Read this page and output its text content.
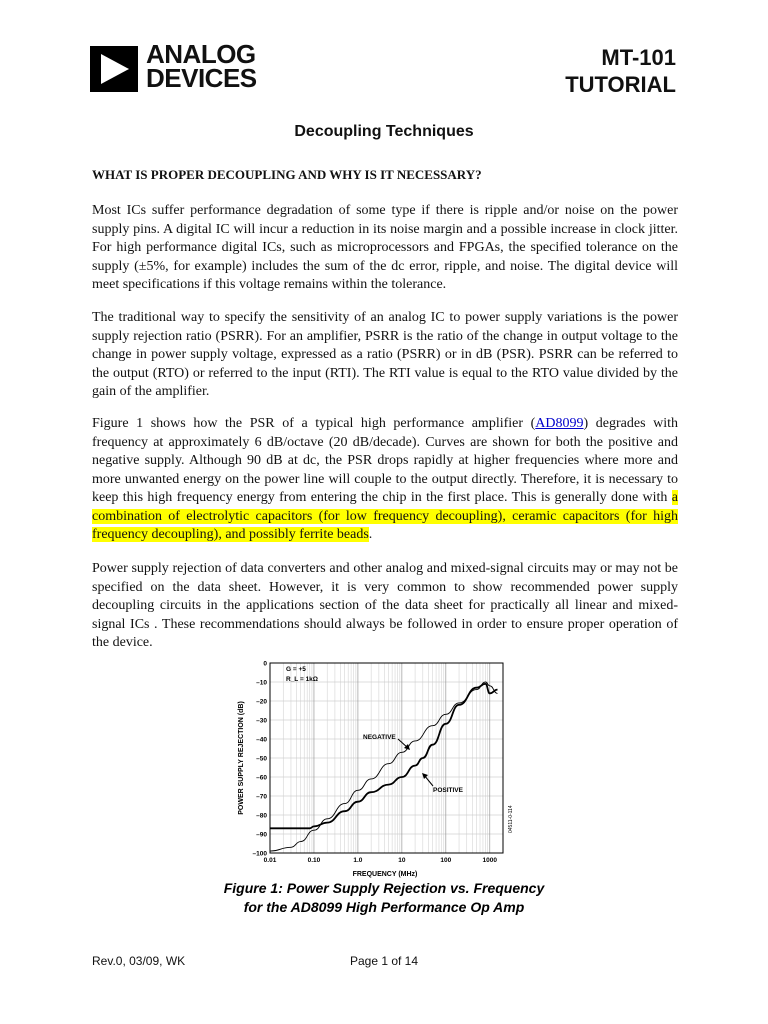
ANALOG
DEVICES
MT-101
TUTORIAL
Decoupling Techniques
WHAT IS PROPER DECOUPLING AND WHY IS IT NECESSARY?

Most ICs suffer performance degradation of some type if there is ripple and/or noise on the power supply pins. A digital IC will incur a reduction in its noise margin and a possible increase in clock jitter. For high performance digital ICs, such as microprocessors and FPGAs, the specified tolerance on the supply (±5%, for example) includes the sum of the dc error, ripple, and noise. The digital device will meet specifications if this voltage remains within the tolerance.

The traditional way to specify the sensitivity of an analog IC to power supply variations is the power supply rejection ratio (PSRR). For an amplifier, PSRR is the ratio of the change in output voltage to the change in power supply voltage, expressed as a ratio (PSRR) or in dB (PSR). PSRR can be referred to the output (RTO) or referred to the input (RTI). The RTI value is equal to the RTO value divided by the gain of the amplifier.

Figure 1 shows how the PSR of a typical high performance amplifier (AD8099) degrades with frequency at approximately 6 dB/octave (20 dB/decade). Curves are shown for both the positive and negative supply. Although 90 dB at dc, the PSR drops rapidly at higher frequencies where more and more unwanted energy on the power line will couple to the output directly. Therefore, it is necessary to keep this high frequency energy from entering the chip in the first place. This is generally done with a combination of electrolytic capacitors (for low frequency decoupling), ceramic capacitors (for high frequency decoupling), and possibly ferrite beads.

Power supply rejection of data converters and other analog and mixed-signal circuits may or may not be specified on the data sheet. However, it is very common to show recommended power supply decoupling circuits in the applications section of the data sheet for practically all linear and mixed-signal ICs . These recommendations should always be followed in order to ensure proper operation of the device.

0
–10
–20
–30
–40
–50
–60
–70
–80
–90
–100
0.01	0.10	1.0	10	100	1000
POWER SUPPLY REJECTION (dB)
FREQUENCY (MHz)
G = +5
R_L = 1kΩ
04511-0-114
NEGATIVE
POSITIVE
Figure 1: Power Supply Rejection vs. Frequency
for the AD8099 High Performance Op Amp
Rev.0, 03/09, WK	Page 1 of 14
